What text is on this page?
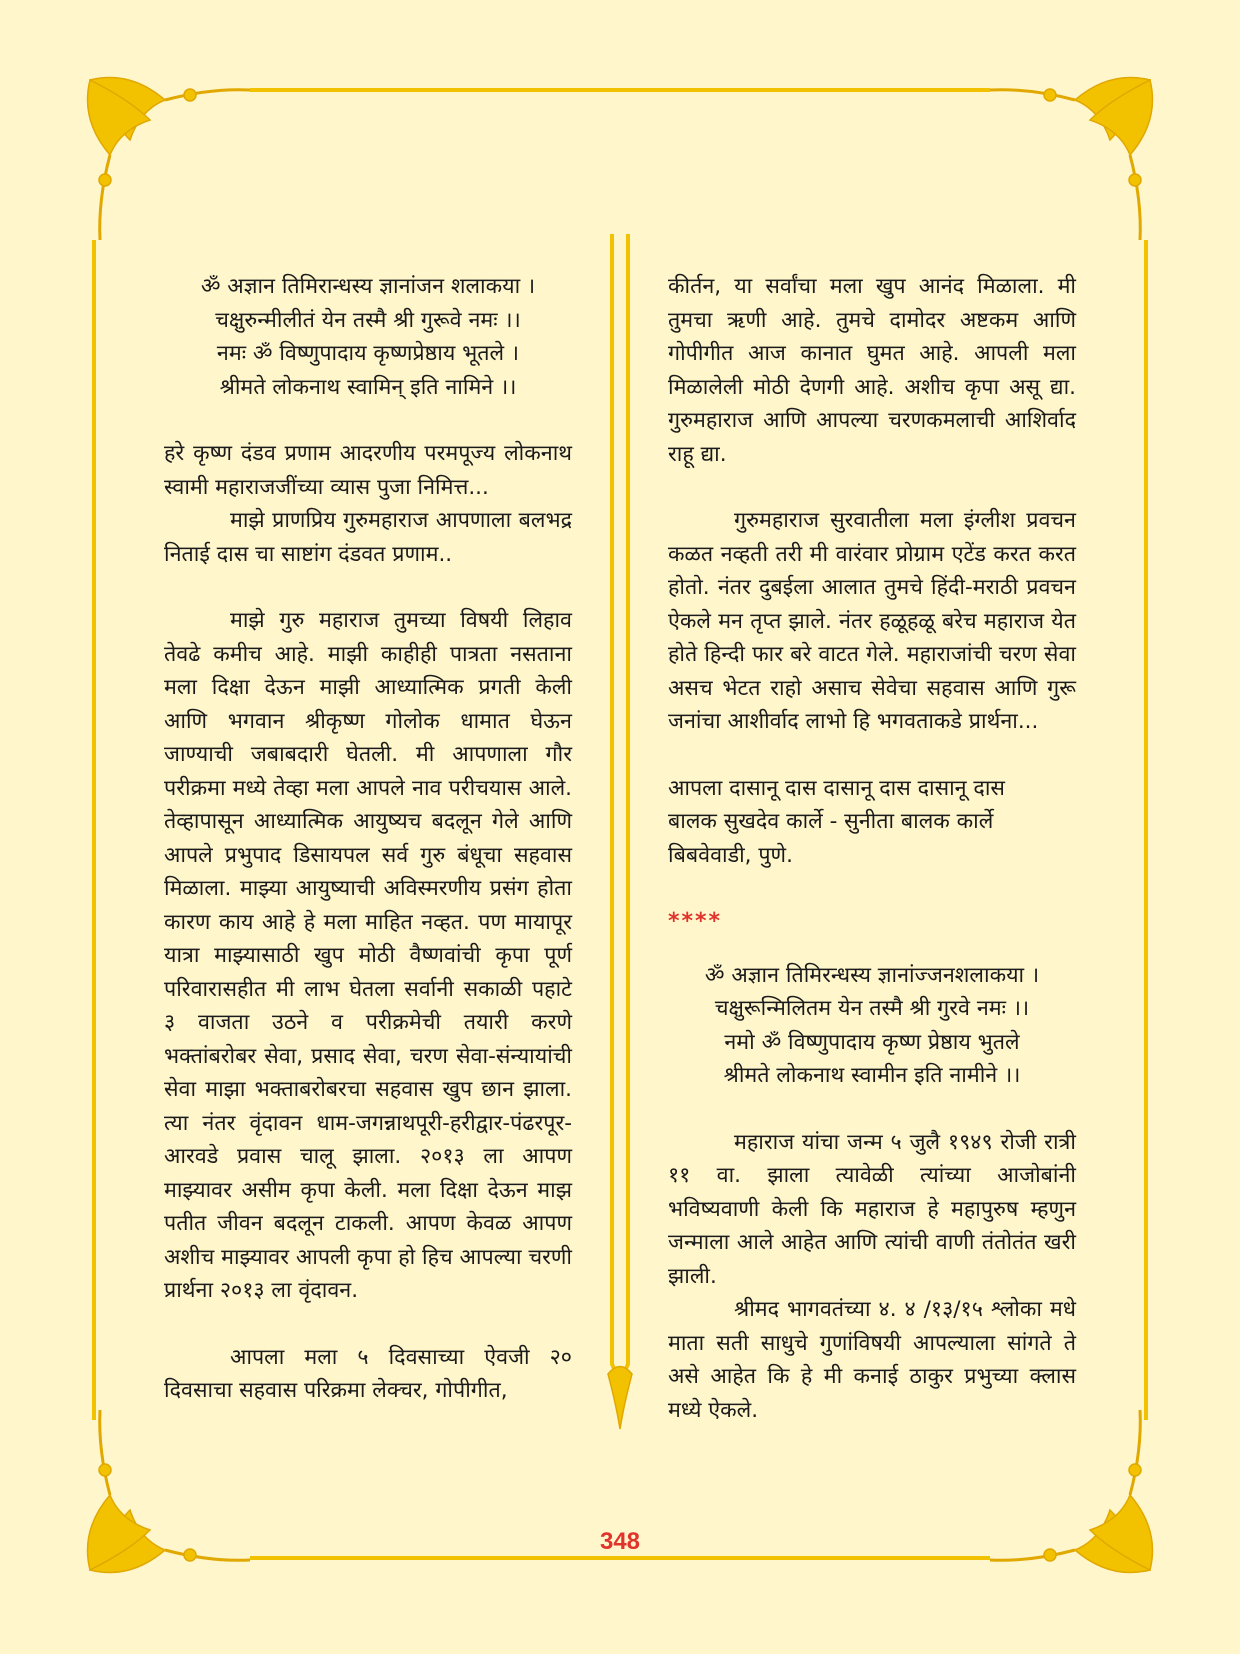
ॐ अज्ञान तिमिरान्धस्य ज्ञानांजन शलाकया ।

चक्षुरुन्मीलीतं येन तस्मै श्री गुरूवे नमः ।।

नमः ॐ विष्णुपादाय कृष्णप्रेष्ठाय भूतले ।

श्रीमते लोकनाथ स्वामिन् इति नामिने ।।

हरे कृष्ण दंडव प्रणाम आदरणीय परमपूज्य लोकनाथ स्वामी महाराजजींच्या व्यास पुजा निमित्त...

माझे प्राणप्रिय गुरुमहाराज आपणाला बलभद्र निताई दास चा साष्टांग दंडवत प्रणाम..

माझे गुरु महाराज तुमच्या विषयी लिहाव तेवढे कमीच आहे. माझी काहीही पात्रता नसताना मला दिक्षा देऊन माझी आध्यात्मिक प्रगती केली आणि भगवान श्रीकृष्ण गोलोक धामात घेऊन जाण्याची जबाबदारी घेतली. मी आपणाला गौर परीक्रमा मध्ये तेव्हा मला आपले नाव परीचयास आले. तेव्हापासून आध्यात्मिक आयुष्यच बदलून गेले आणि आपले प्रभुपाद डिसायपल सर्व गुरु बंधूचा सहवास मिळाला. माझ्या आयुष्याची अविस्मरणीय प्रसंग होता कारण काय आहे हे मला माहित नव्हत. पण मायापूर यात्रा माझ्यासाठी खुप मोठी वैष्णवांची कृपा पूर्ण परिवारासहीत मी लाभ घेतला सर्वानी सकाळी पहाटे ३ वाजता उठने व परीक्रमेची तयारी करणे भक्तांबरोबर सेवा, प्रसाद सेवा, चरण सेवा-संन्यायांची सेवा माझा भक्ताबरोबरचा सहवास खुप छान झाला. त्या नंतर वृंदावन धाम-जगन्नाथपूरी-हरीद्वार-पंढरपूर-आरवडे प्रवास चालू झाला. २०१३ ला आपण माझ्यावर असीम कृपा केली. मला दिक्षा देऊन माझ पतीत जीवन बदलून टाकली. आपण केवळ आपण अशीच माझ्यावर आपली कृपा हो हिच आपल्या चरणी प्रार्थना २०१३ ला वृंदावन.

आपला मला ५ दिवसाच्या ऐवजी २० दिवसाचा सहवास परिक्रमा लेक्चर, गोपीगीत,

कीर्तन, या सर्वांचा मला खुप आनंद मिळाला. मी तुमचा ऋणी आहे. तुमचे दामोदर अष्टकम आणि गोपीगीत आज कानात घुमत आहे. आपली मला मिळालेली मोठी देणगी आहे. अशीच कृपा असू द्या. गुरुमहाराज आणि आपल्या चरणकमलाची आशिर्वाद राहू द्या.

गुरुमहाराज सुरवातीला मला इंग्लीश प्रवचन कळत नव्हती तरी मी वारंवार प्रोग्राम एटेंड करत करत होतो. नंतर दुबईला आलात तुमचे हिंदी-मराठी प्रवचन ऐकले मन तृप्त झाले. नंतर हळूहळू बरेच महाराज येत होते हिन्दी फार बरे वाटत गेले. महाराजांची चरण सेवा असच भेटत राहो असाच सेवेचा सहवास आणि गुरू जनांचा आशीर्वाद लाभो हि भगवताकडे प्रार्थना...

आपला दासानू दास दासानू दास दासानू दास

बालक सुखदेव कार्ले - सुनीता बालक कार्ले

बिबवेवाडी, पुणे.

****

ॐ अज्ञान तिमिरन्धस्य ज्ञानांज्जनशलाकया ।

चक्षुरून्मिलितम येन तस्मै श्री गुरवे नमः ।।

नमो ॐ विष्णुपादाय कृष्ण प्रेष्ठाय भुतले

श्रीमते लोकनाथ स्वामीन इति नामीने ।।

महाराज यांचा जन्म ५ जुलै १९४९ रोजी रात्री ११ वा. झाला त्यावेळी त्यांच्या आजोबांनी भविष्यवाणी केली कि महाराज हे महापुरुष म्हणुन जन्माला आले आहेत आणि त्यांची वाणी तंतोतंत खरी झाली.

श्रीमद भागवतंच्या ४. ४ /१३/१५ श्लोका मधे माता सती साधुचे गुणांविषयी आपल्याला सांगते ते असे आहेत कि हे मी कनाई ठाकुर प्रभुच्या क्लास मध्ये ऐकले.

348
